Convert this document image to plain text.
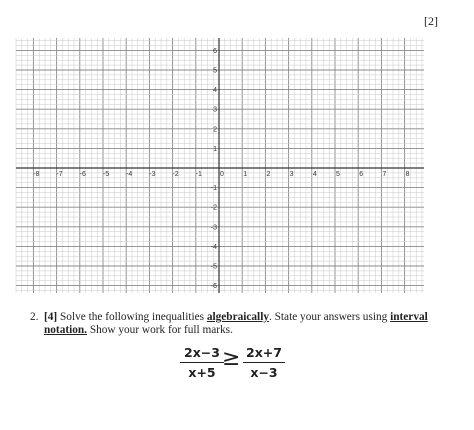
[2]
-8 -7 -6 -5 -4 -3 -2 -1	0	1	2	3	4	5	6	7	8
6
5
4
3
2
1
-1
-2
-3
-4
-5
-6
2. [4] Solve the following inequalities algebraically. State your answers using interval notation. Show your work for full marks.
$\frac{2x-3}{x+5}$
≥ $\frac{2x+7}{x-3}$
